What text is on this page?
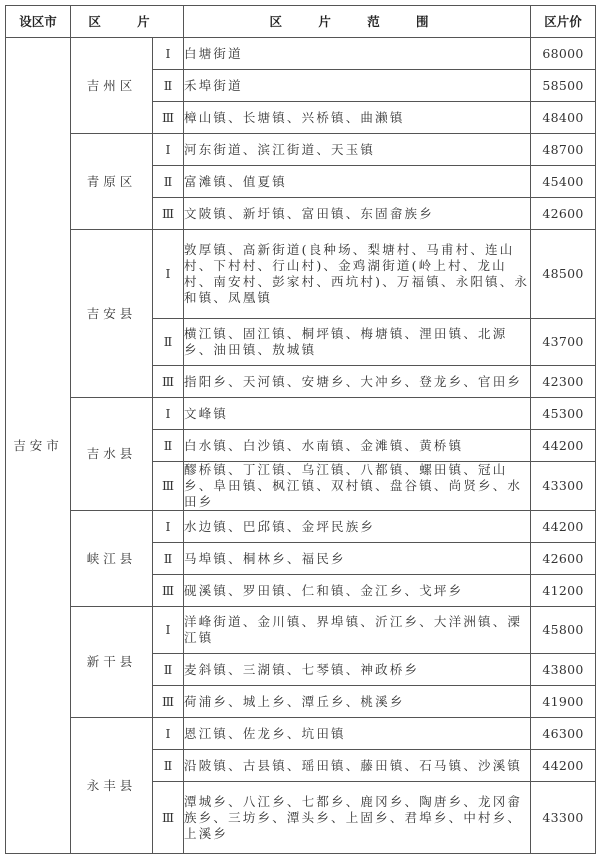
设区市	区 片		区 片 范 围	区片价
吉安市	吉州区	Ⅰ	白塘街道	68000
		Ⅱ	禾埠街道	58500
		Ⅲ	樟山镇、长塘镇、兴桥镇、曲濑镇	48400
	青原区	Ⅰ	河东街道、滨江街道、天玉镇	48700
		Ⅱ	富滩镇、值夏镇	45400
		Ⅲ	文陂镇、新圩镇、富田镇、东固畲族乡	42600
	吉安县	Ⅰ	敦厚镇、高新街道(良种场、梨塘村、马甫村、连山村、下村村、行山村)、金鸡湖街道(岭上村、龙山村、南安村、彭家村、西坑村)、万福镇、永阳镇、永和镇、凤凰镇	48500
		Ⅱ	横江镇、固江镇、桐坪镇、梅塘镇、浬田镇、北源乡、油田镇、敖城镇	43700
		Ⅲ	指阳乡、天河镇、安塘乡、大冲乡、登龙乡、官田乡	42300
	吉水县	Ⅰ	文峰镇	45300
		Ⅱ	白水镇、白沙镇、水南镇、金滩镇、黄桥镇	44200
		Ⅲ	醪桥镇、丁江镇、乌江镇、八都镇、螺田镇、冠山乡、阜田镇、枫江镇、双村镇、盘谷镇、尚贤乡、水田乡	43300
	峡江县	Ⅰ	水边镇、巴邱镇、金坪民族乡	44200
		Ⅱ	马埠镇、桐林乡、福民乡	42600
		Ⅲ	砚溪镇、罗田镇、仁和镇、金江乡、戈坪乡	41200
	新干县	Ⅰ	洋峰街道、金川镇、界埠镇、沂江乡、大洋洲镇、溧江镇	45800
		Ⅱ	麦斜镇、三湖镇、七琴镇、神政桥乡	43800
		Ⅲ	荷浦乡、城上乡、潭丘乡、桃溪乡	41900
	永丰县	Ⅰ	恩江镇、佐龙乡、坑田镇	46300
		Ⅱ	沿陂镇、古县镇、瑶田镇、藤田镇、石马镇、沙溪镇	44200
		Ⅲ	潭城乡、八江乡、七都乡、鹿冈乡、陶唐乡、龙冈畲族乡、三坊乡、潭头乡、上固乡、君埠乡、中村乡、上溪乡	43300
